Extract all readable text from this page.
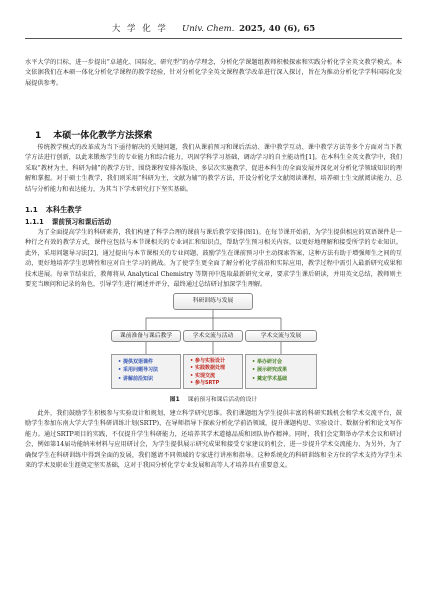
大 学 化 学 Univ. Chem. 2025, 40 (6), 65

水平大学的目标，进一步提出“卓越化、国际化、研究型”的办学理念，分析化学课题组教师积极探索和实践分析化学全英文教学模式。本文依据我们在本硕一体化分析化学课程的教学经验，针对分析化学全英文课程教学改革进行深入探讨，旨在为推动分析化学学科国际化发展提供参考。

1 本硕一体化教学方法探索

传统教学模式的改革成为当下亟待解决的关键问题，我们从课前预习和课后活动、课中教学互动、课中教学方法等多个方面对当下教学方法进行创新，以此来锻炼学生的专业能力和综合能力，巩固学科学习基础，调动学习的自主能动性[1]。在本科生全英文教学中，我们采取“教材为主，科研为辅”的教学方针，围绕课程安排各版块、多层次实施教学，促进本科生的全面发展并深化对分析化学领域知识的理解和掌握。对于硕士生教学，我们则采用“科研为主，文献为辅”的教学方法，开设分析化学文献阅读课程，培养硕士生文献阅读能力、总结与分析能力和表达能力，为其当下学术研究打下坚实基础。

1.1 本科生教学
1.1.1 课前预习和课后活动

为了全面提高学生的科研素养，我们构建了科学合理的课前与课后教学安排(图1)。在每节课开始前，为学生提供相应的双语课件是一种行之有效的教学方式，课件应包括与本节课相关的专业词汇和知识点，帮助学生预习相关内容，以更好地理解和接受所学的专业知识。此外，采用问题导习法[2]，通过提出与本节课相关的专业问题，鼓励学生在课前预习中主动探索答案，这种方法有助于增强师生之间的互动，更好地培养学生思辨性和应对自主学习的挑战。为了使学生更全面了解分析化学前沿和实际应用，教学过程中需引入最新研究成果和技术进展。每章节结束后，教师将从 Analytical Chemistry 等期刊中选取最新研究文章，要求学生课后研读，并用英文总结，教师则主要充当顾问和记录的角色，引导学生进行阐述并评分，最终通过总结研讨加深学生理解。

科研训练与发展
课前准备与课后教学	学术交流与活动	学术交流与发展
• 提供双语课件
• 采用问题导习法
• 讲解前沿知识
• 参与实验设计
• 实践数据处理
• 实现交流
• 参与SRTP
• 举办研讨会
• 展示研究成果
• 奠定学术基础
图1 课前预习和课后活动的设计

此外，我们鼓励学生积极参与实验设计和规划，建立科学研究思维。我们课题组为学生提供丰富的科研实践机会和学术交流平台，鼓励学生参加东南大学大学生科研训练计划(SRTP)，在导师指导下探索分析化学前沿领域，提升课题构思、实验设计、数据分析和论文写作能力。通过SRTP项目的实践，不仅提升学生科研能力，还培养其学术道德品质和团队协作精神。同时，我们会定期举办学术会议和研讨会，例如第14届功能纳米材料与应用研讨会，为学生提供展示研究成果和接受专家建议的机会，进一步提升学术交流能力、为另外，为了确保学生在科研训练中得到全面的发展，我们邀请不同领域的专家进行讲座和指导。这种系统化的科研训练和全方位的学术支持为学生未来的学术及职业生涯奠定坚实基础，这对于我国分析化学专业发展和高等人才培养具有重要意义。
